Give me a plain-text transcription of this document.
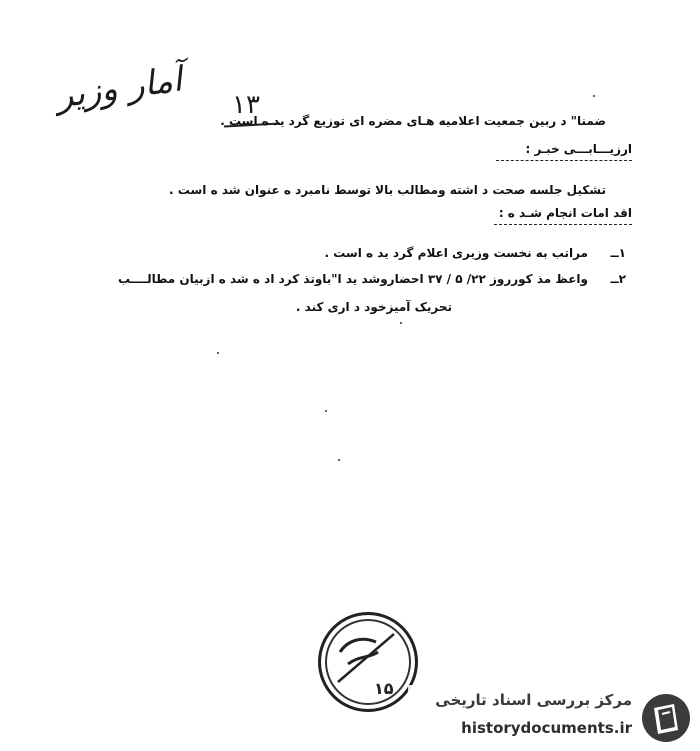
آمار وزیر ۱۳
ضمنا" د ربین جمعیت اعلامیه هـای مضره ای توزیع گرد ید ه است .
ارزیـــابـــی خبـر :
تشکیل جلسه صحت د اشته ومطالب بالا توسط نامبرد ه عنوان شد ه است .
اقد امات انجام شـد ه :
۱ــ
مراتب به نخست وزیری اعلام گرد ید ه است .
۲ــ
واعظ مذ کورروز ۲۲/ ۵ / ۳۷ احضاروشد ید ا"باوتذ کرد اد ه شد ه ازبیان مطالــــب
تحریک آمیزخود د اری کند .
۱۵
مرکز بررسی اسناد تاریخی
historydocuments.ir
